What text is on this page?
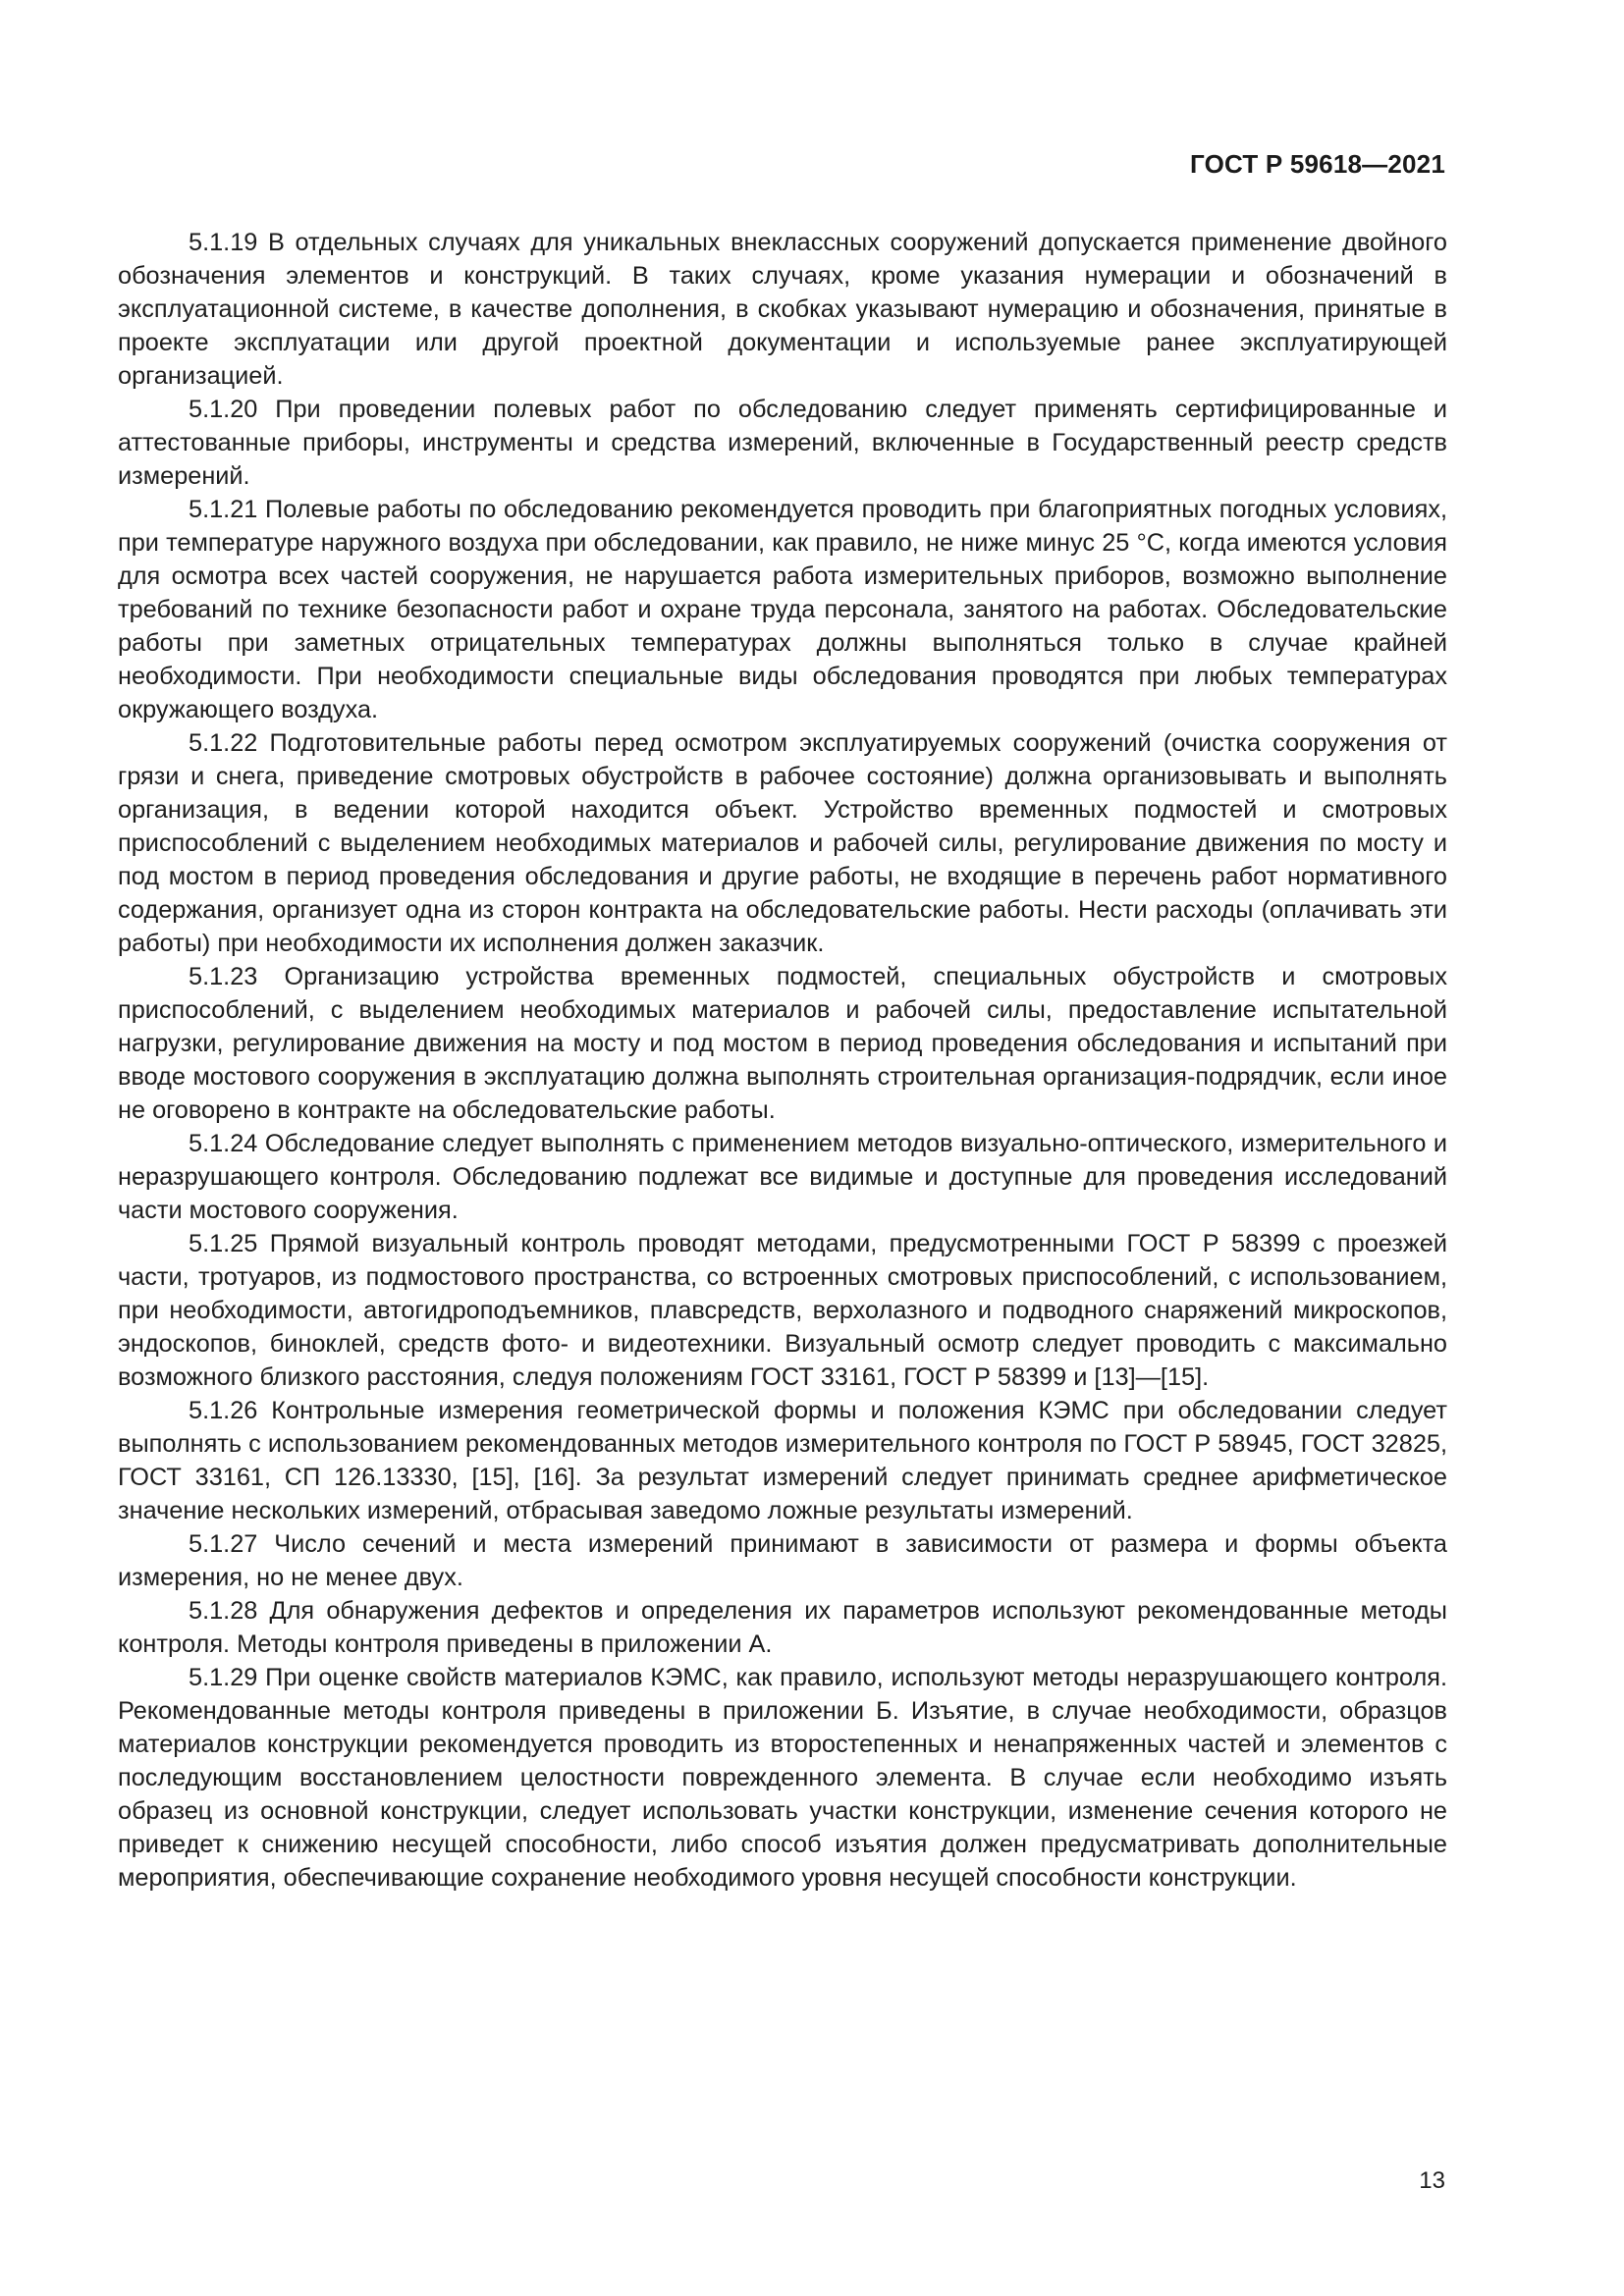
ГОСТ Р 59618—2021

5.1.19 В отдельных случаях для уникальных внеклассных сооружений допускается применение двойного обозначения элементов и конструкций. В таких случаях, кроме указания нумерации и обозначений в эксплуатационной системе, в качестве дополнения, в скобках указывают нумерацию и обозначения, принятые в проекте эксплуатации или другой проектной документации и используемые ранее эксплуатирующей организацией.

5.1.20 При проведении полевых работ по обследованию следует применять сертифицированные и аттестованные приборы, инструменты и средства измерений, включенные в Государственный реестр средств измерений.

5.1.21 Полевые работы по обследованию рекомендуется проводить при благоприятных погодных условиях, при температуре наружного воздуха при обследовании, как правило, не ниже минус 25 °С, когда имеются условия для осмотра всех частей сооружения, не нарушается работа измерительных приборов, возможно выполнение требований по технике безопасности работ и охране труда персонала, занятого на работах. Обследовательские работы при заметных отрицательных температурах должны выполняться только в случае крайней необходимости. При необходимости специальные виды обследования проводятся при любых температурах окружающего воздуха.

5.1.22 Подготовительные работы перед осмотром эксплуатируемых сооружений (очистка сооружения от грязи и снега, приведение смотровых обустройств в рабочее состояние) должна организовывать и выполнять организация, в ведении которой находится объект. Устройство временных подмостей и смотровых приспособлений с выделением необходимых материалов и рабочей силы, регулирование движения по мосту и под мостом в период проведения обследования и другие работы, не входящие в перечень работ нормативного содержания, организует одна из сторон контракта на обследовательские работы. Нести расходы (оплачивать эти работы) при необходимости их исполнения должен заказчик.

5.1.23 Организацию устройства временных подмостей, специальных обустройств и смотровых приспособлений, с выделением необходимых материалов и рабочей силы, предоставление испытательной нагрузки, регулирование движения на мосту и под мостом в период проведения обследования и испытаний при вводе мостового сооружения в эксплуатацию должна выполнять строительная организация-подрядчик, если иное не оговорено в контракте на обследовательские работы.

5.1.24 Обследование следует выполнять с применением методов визуально-оптического, измерительного и неразрушающего контроля. Обследованию подлежат все видимые и доступные для проведения исследований части мостового сооружения.

5.1.25 Прямой визуальный контроль проводят методами, предусмотренными ГОСТ Р 58399 с проезжей части, тротуаров, из подмостового пространства, со встроенных смотровых приспособлений, с использованием, при необходимости, автогидроподъемников, плавсредств, верхолазного и подводного снаряжений микроскопов, эндоскопов, биноклей, средств фото- и видеотехники. Визуальный осмотр следует проводить с максимально возможного близкого расстояния, следуя положениям ГОСТ 33161, ГОСТ Р 58399 и [13]—[15].

5.1.26 Контрольные измерения геометрической формы и положения КЭМС при обследовании следует выполнять с использованием рекомендованных методов измерительного контроля по ГОСТ Р 58945, ГОСТ 32825, ГОСТ 33161, СП 126.13330, [15], [16]. За результат измерений следует принимать среднее арифметическое значение нескольких измерений, отбрасывая заведомо ложные результаты измерений.

5.1.27 Число сечений и места измерений принимают в зависимости от размера и формы объекта измерения, но не менее двух.

5.1.28 Для обнаружения дефектов и определения их параметров используют рекомендованные методы контроля. Методы контроля приведены в приложении А.

5.1.29 При оценке свойств материалов КЭМС, как правило, используют методы неразрушающего контроля. Рекомендованные методы контроля приведены в приложении Б. Изъятие, в случае необходимости, образцов материалов конструкции рекомендуется проводить из второстепенных и ненапряженных частей и элементов с последующим восстановлением целостности поврежденного элемента. В случае если необходимо изъять образец из основной конструкции, следует использовать участки конструкции, изменение сечения которого не приведет к снижению несущей способности, либо способ изъятия должен предусматривать дополнительные мероприятия, обеспечивающие сохранение необходимого уровня несущей способности конструкции.

13
